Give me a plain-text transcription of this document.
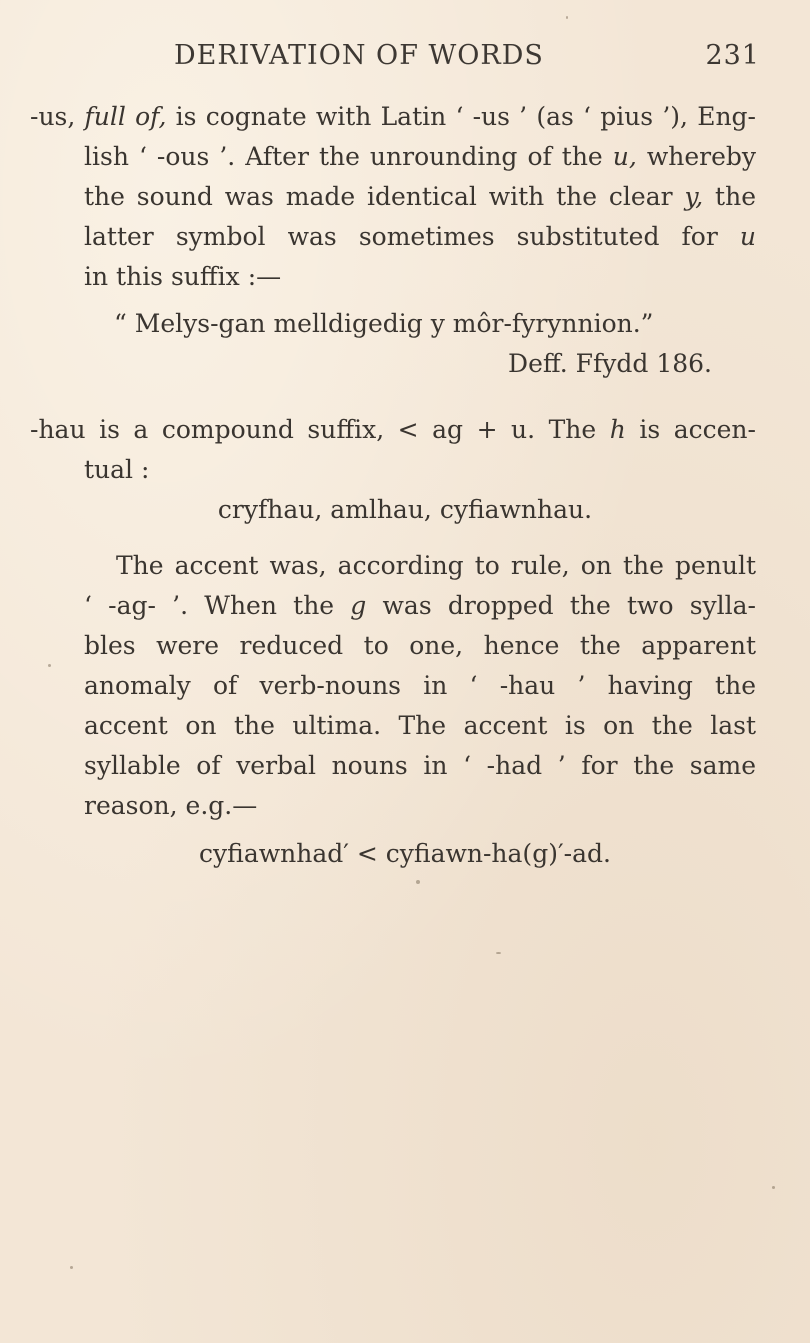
DERIVATION OF WORDS	231
-us, full of, is cognate with Latin ‘ -us ’ (as ‘ pius ’), Eng-
lish ‘ -ous ’. After the unrounding of the u, whereby
the sound was made identical with the clear y, the
latter symbol was sometimes substituted for u
in this suffix :—
“ Melys-gan melldigedig y môr-fyrynnion.”
Deff. Ffydd 186.
-hau is a compound suffix, < ag + u. The h is accen-
tual :
cryfhau, amlhau, cyfiawnhau.
The accent was, according to rule, on the penult
‘ -ag- ’. When the g was dropped the two sylla-
bles were reduced to one, hence the apparent
anomaly of verb-nouns in ‘ -hau ’ having the
accent on the ultima. The accent is on the last
syllable of verbal nouns in ‘ -had ’ for the same
reason, e.g.—
cyfiawnhad′ < cyfiawn-ha(g)′-ad.
